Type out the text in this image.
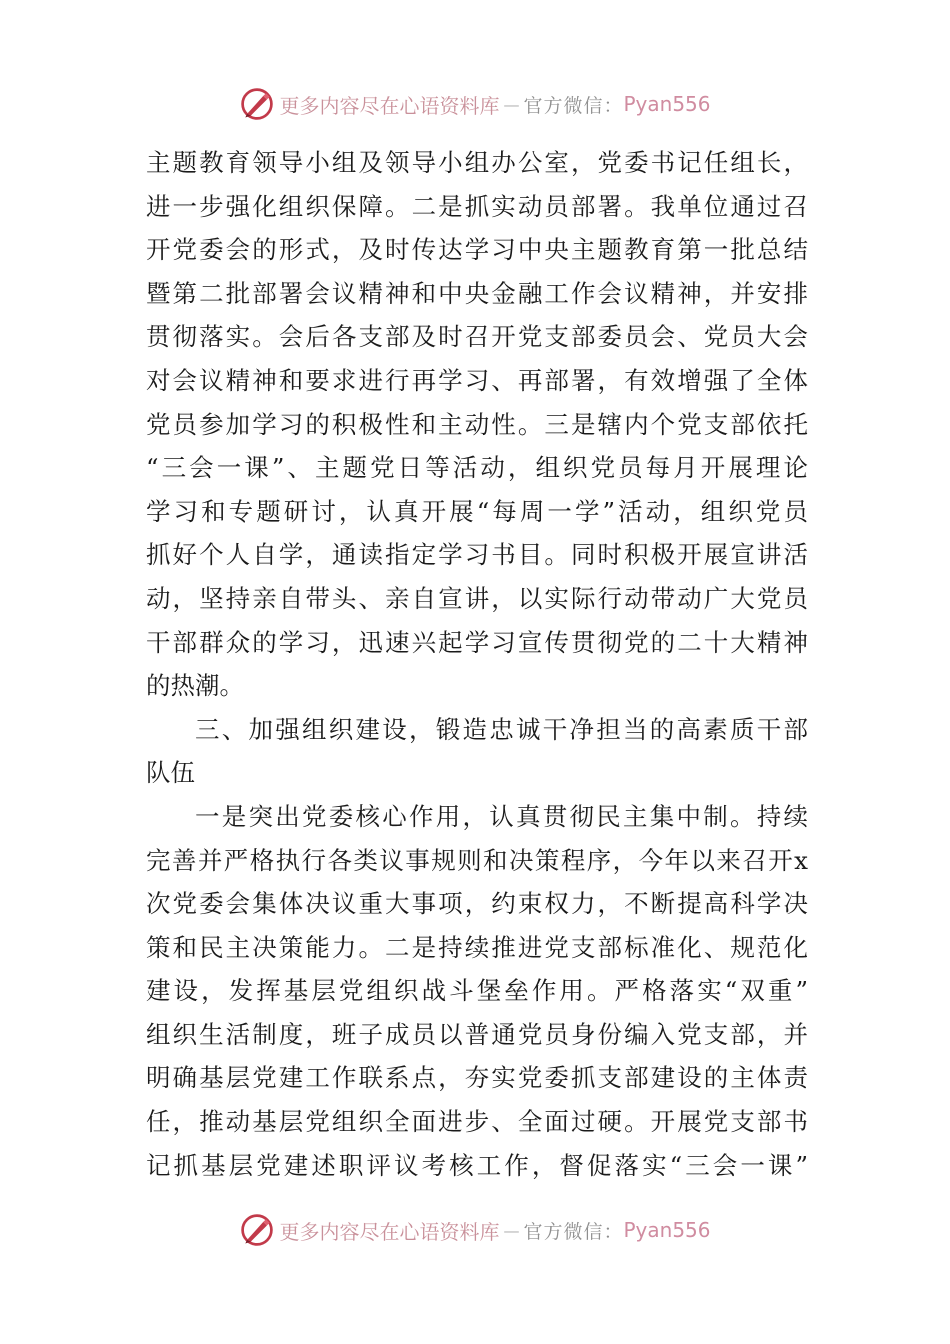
更多内容尽在心语资料库 — 官方微信： Pyan556
主题教育领导小组及领导小组办公室，党委书记任组长，
进一步强化组织保障。二是抓实动员部署。我单位通过召
开党委会的形式，及时传达学习中央主题教育第一批总结
暨第二批部署会议精神和中央金融工作会议精神，并安排
贯彻落实。会后各支部及时召开党支部委员会、党员大会
对会议精神和要求进行再学习、再部署，有效增强了全体
党员参加学习的积极性和主动性。三是辖内个党支部依托
“三会一课”、主题党日等活动，组织党员每月开展理论
学习和专题研讨，认真开展“每周一学”活动，组织党员
抓好个人自学，通读指定学习书目。同时积极开展宣讲活
动，坚持亲自带头、亲自宣讲，以实际行动带动广大党员
干部群众的学习，迅速兴起学习宣传贯彻党的二十大精神
的热潮。
三、加强组织建设，锻造忠诚干净担当的高素质干部
队伍
一是突出党委核心作用，认真贯彻民主集中制。持续
完善并严格执行各类议事规则和决策程序，今年以来召开x
次党委会集体决议重大事项，约束权力，不断提高科学决
策和民主决策能力。二是持续推进党支部标准化、规范化
建设，发挥基层党组织战斗堡垒作用。严格落实“双重”
组织生活制度，班子成员以普通党员身份编入党支部，并
明确基层党建工作联系点，夯实党委抓支部建设的主体责
任，推动基层党组织全面进步、全面过硬。开展党支部书
记抓基层党建述职评议考核工作，督促落实“三会一课”
更多内容尽在心语资料库 — 官方微信： Pyan556
